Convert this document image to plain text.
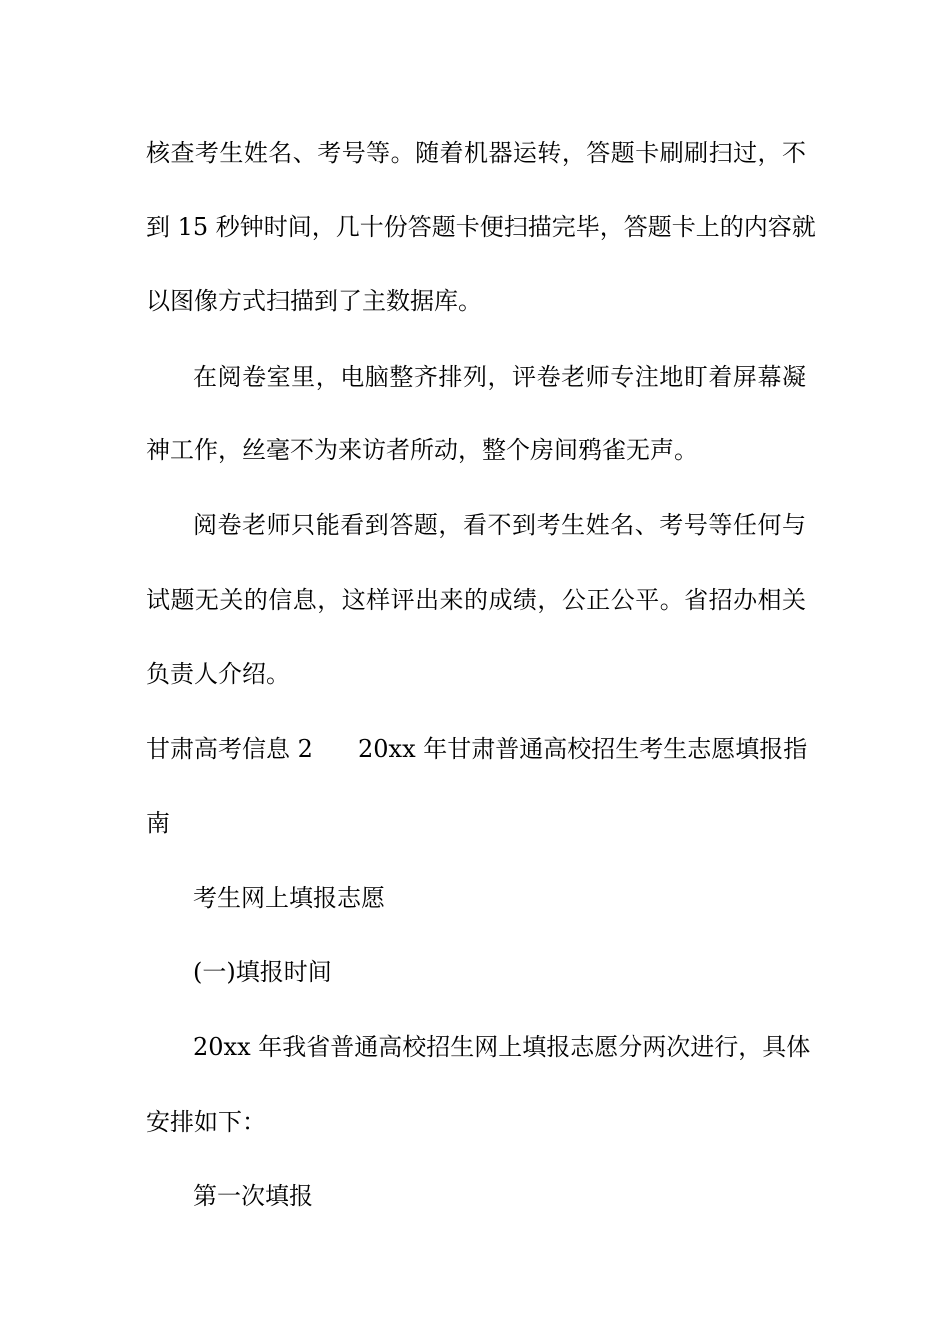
核查考生姓名、考号等。随着机器运转，答题卡刷刷扫过，不
到 15 秒钟时间，几十份答题卡便扫描完毕，答题卡上的内容就
以图像方式扫描到了主数据库。
在阅卷室里，电脑整齐排列，评卷老师专注地盯着屏幕凝
神工作，丝毫不为来访者所动，整个房间鸦雀无声。
阅卷老师只能看到答题，看不到考生姓名、考号等任何与
试题无关的信息，这样评出来的成绩，公正公平。省招办相关
负责人介绍。
甘肃高考信息 2 20xx 年甘肃普通高校招生考生志愿填报指
南
考生网上填报志愿
(一)填报时间
20xx 年我省普通高校招生网上填报志愿分两次进行，具体
安排如下：
第一次填报
